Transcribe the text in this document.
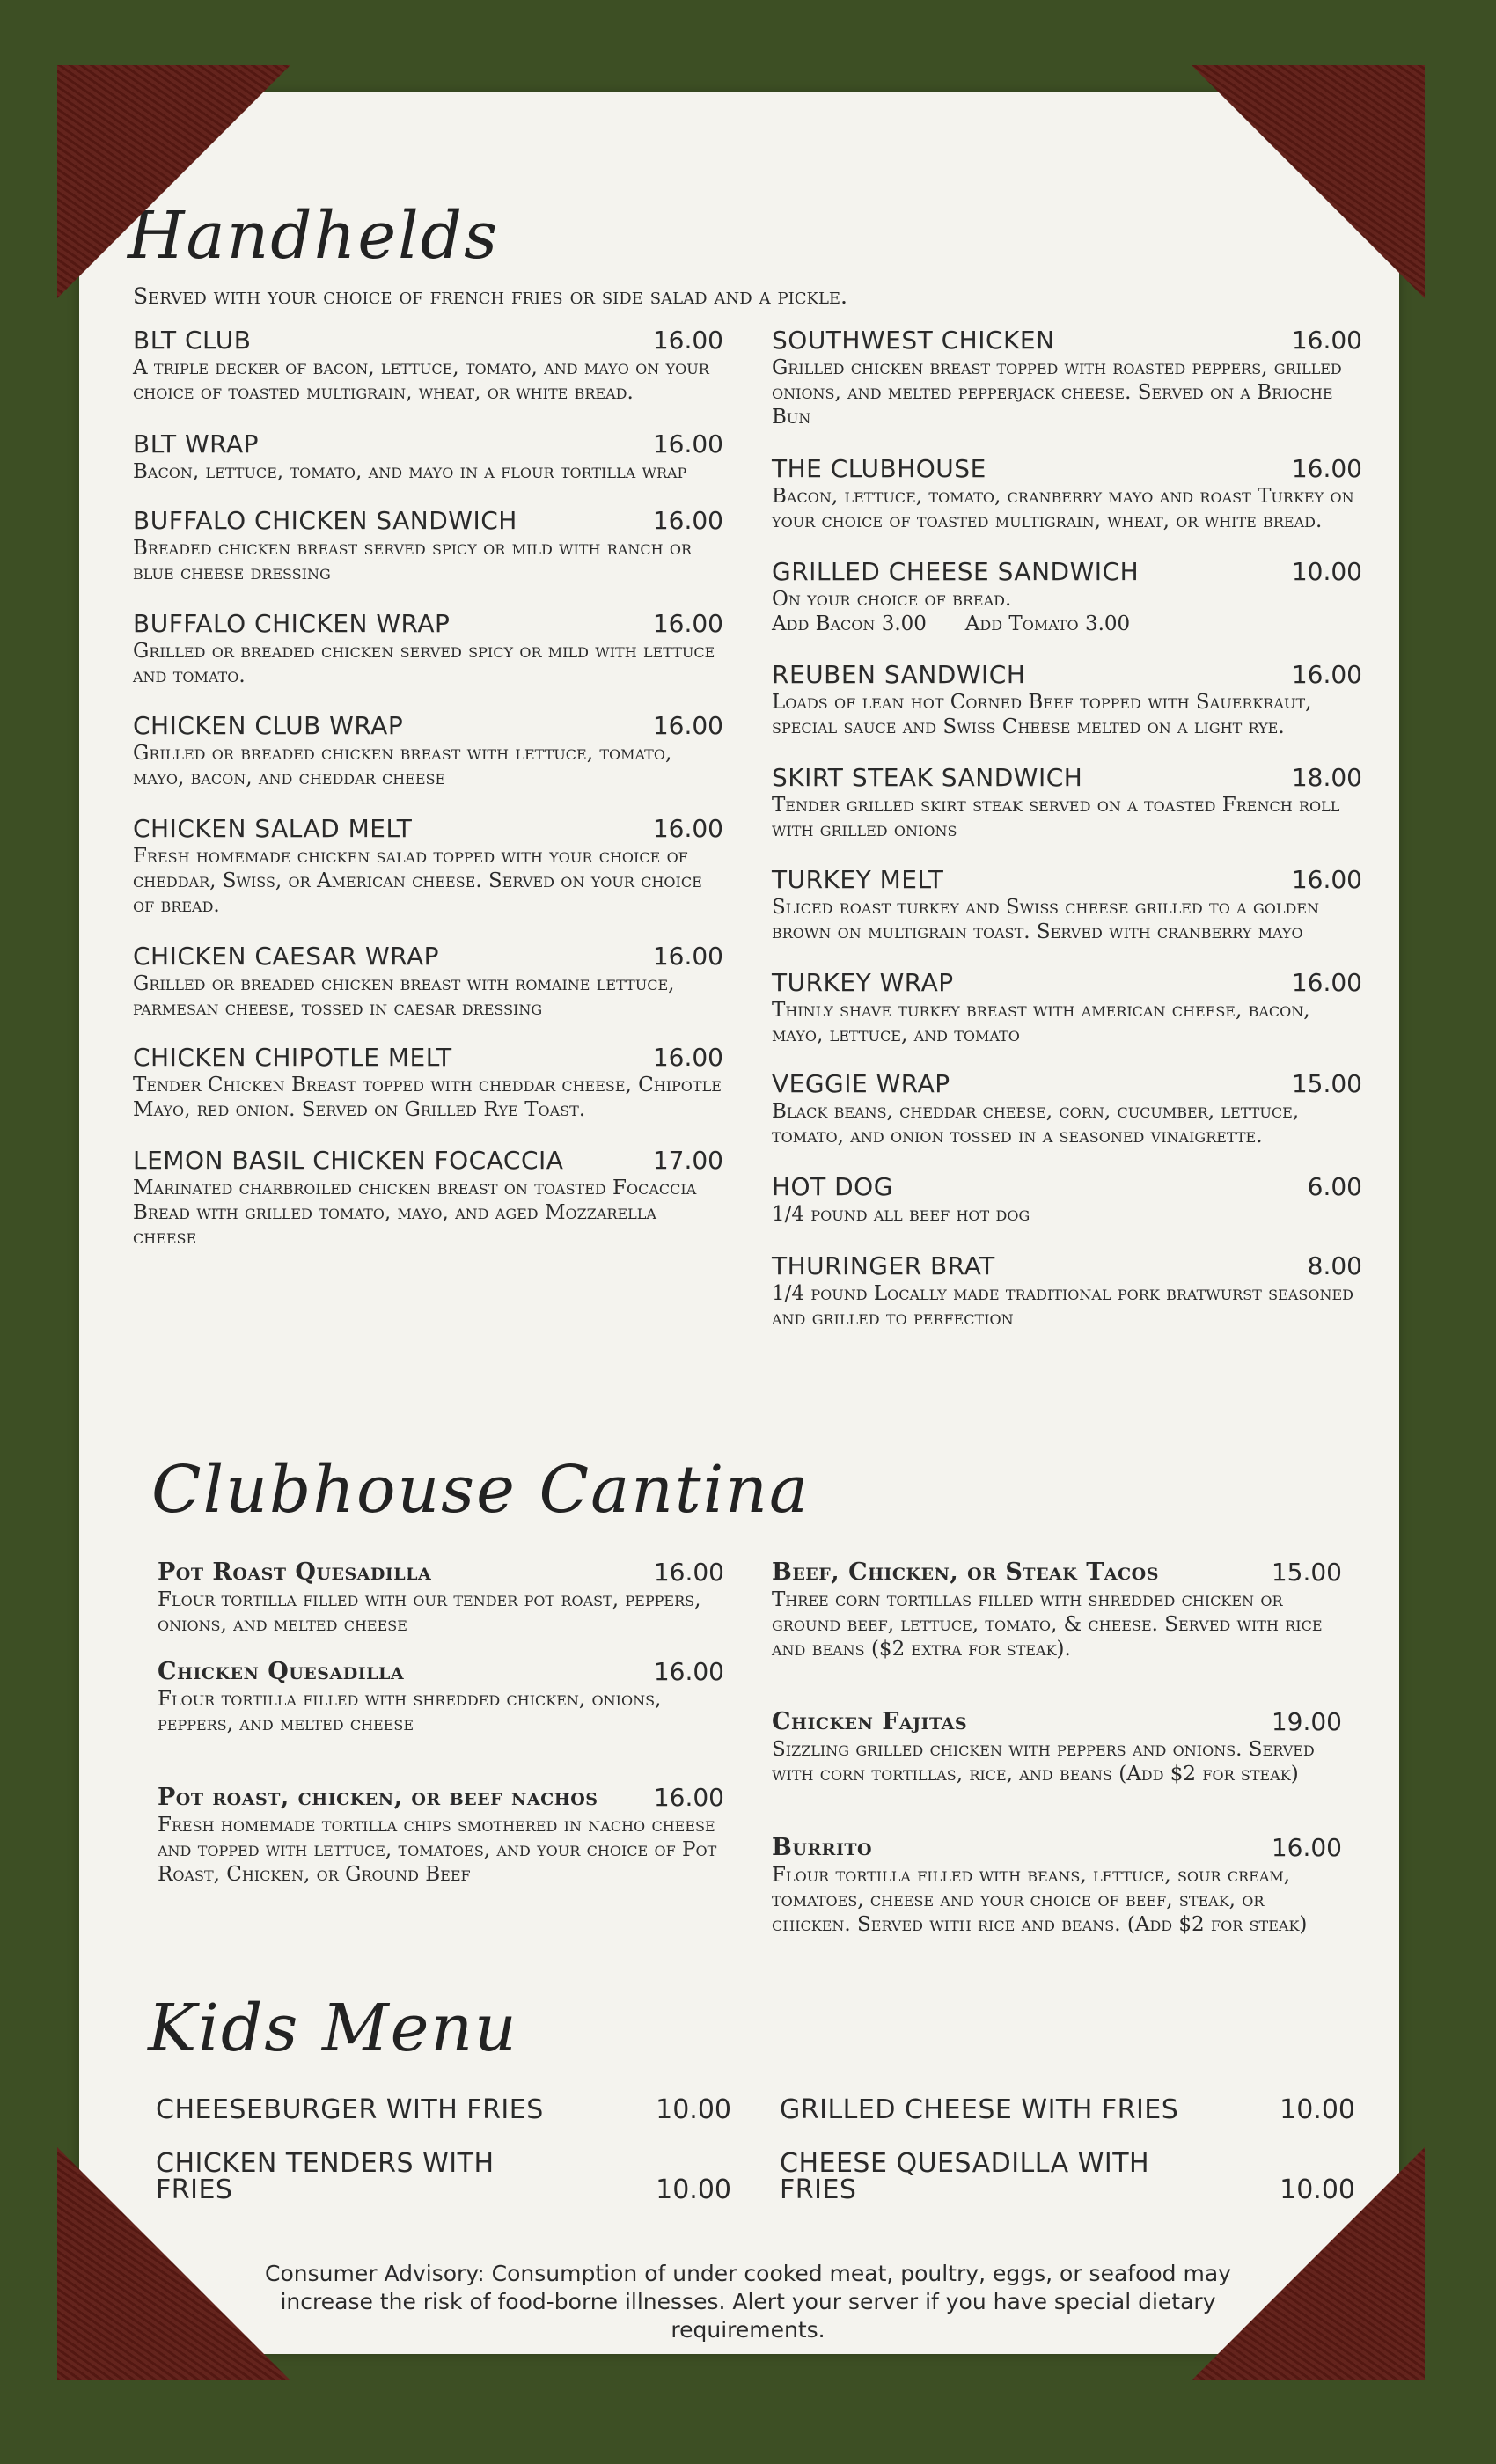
Handhelds

Served with your choice of french fries or side salad and a pickle.

BLT CLUB	16.00
A triple decker of bacon, lettuce, tomato, and mayo on your choice of toasted multigrain, wheat, or white bread.
BLT WRAP	16.00
Bacon, lettuce, tomato, and mayo in a flour tortilla wrap
BUFFALO CHICKEN SANDWICH	16.00
Breaded chicken breast served spicy or mild with ranch or blue cheese dressing
BUFFALO CHICKEN WRAP	16.00
Grilled or breaded chicken served spicy or mild with lettuce and tomato.
CHICKEN CLUB WRAP	16.00
Grilled or breaded chicken breast with lettuce, tomato, mayo, bacon, and cheddar cheese
CHICKEN SALAD MELT	16.00
Fresh homemade chicken salad topped with your choice of cheddar, Swiss, or American cheese. Served on your choice of bread.
CHICKEN CAESAR WRAP	16.00
Grilled or breaded chicken breast with romaine lettuce, parmesan cheese, tossed in caesar dressing
CHICKEN CHIPOTLE MELT	16.00
Tender Chicken Breast topped with cheddar cheese, Chipotle Mayo, red onion. Served on Grilled Rye Toast.
LEMON BASIL CHICKEN FOCACCIA	17.00
Marinated charbroiled chicken breast on toasted Focaccia Bread with grilled tomato, mayo, and aged Mozzarella cheese
SOUTHWEST CHICKEN	16.00
Grilled chicken breast topped with roasted peppers, grilled onions, and melted pepperjack cheese. Served on a Brioche Bun
THE CLUBHOUSE	16.00
Bacon, lettuce, tomato, cranberry mayo and roast Turkey on your choice of toasted multigrain, wheat, or white bread.
GRILLED CHEESE SANDWICH	10.00
On your choice of bread.
Add Bacon 3.00      Add Tomato 3.00
REUBEN SANDWICH	16.00
Loads of lean hot Corned Beef topped with Sauerkraut, special sauce and Swiss Cheese melted on a light rye.
SKIRT STEAK SANDWICH	18.00
Tender grilled skirt steak served on a toasted French roll with grilled onions
TURKEY MELT	16.00
Sliced roast turkey and Swiss cheese grilled to a golden brown on multigrain toast. Served with cranberry mayo
TURKEY WRAP	16.00
Thinly shave turkey breast with american cheese, bacon, mayo, lettuce, and tomato
VEGGIE WRAP	15.00
Black beans, cheddar cheese, corn, cucumber, lettuce, tomato, and onion tossed in a seasoned vinaigrette.
HOT DOG	6.00
1/4 pound all beef hot dog
THURINGER BRAT	8.00
1/4 pound Locally made traditional pork bratwurst seasoned and grilled to perfection
Clubhouse Cantina
Pot Roast Quesadilla	16.00
Flour tortilla filled with our tender pot roast, peppers, onions, and melted cheese
Chicken Quesadilla	16.00
Flour tortilla filled with shredded chicken, onions, peppers, and melted cheese
Pot roast, chicken, or beef nachos 16.00
Fresh homemade tortilla chips smothered in nacho cheese and topped with lettuce, tomatoes, and your choice of Pot Roast, Chicken, or Ground Beef
Beef, Chicken, or Steak Tacos	15.00
Three corn tortillas filled with shredded chicken or ground beef, lettuce, tomato, & cheese. Served with rice and beans ($2 extra for steak).
Chicken Fajitas	19.00
Sizzling grilled chicken with peppers and onions. Served with corn tortillas, rice, and beans (Add $2 for steak)
Burrito	16.00
Flour tortilla filled with beans, lettuce, sour cream, tomatoes, cheese and your choice of beef, steak, or chicken. Served with rice and beans. (Add $2 for steak)
Kids Menu
CHEESEBURGER WITH FRIES	10.00
CHICKEN TENDERS WITH FRIES	10.00
GRILLED CHEESE WITH FRIES	10.00
CHEESE QUESADILLA WITH FRIES	10.00
Consumer Advisory: Consumption of under cooked meat, poultry, eggs, or seafood may increase the risk of food-borne illnesses. Alert your server if you have special dietary requirements.
